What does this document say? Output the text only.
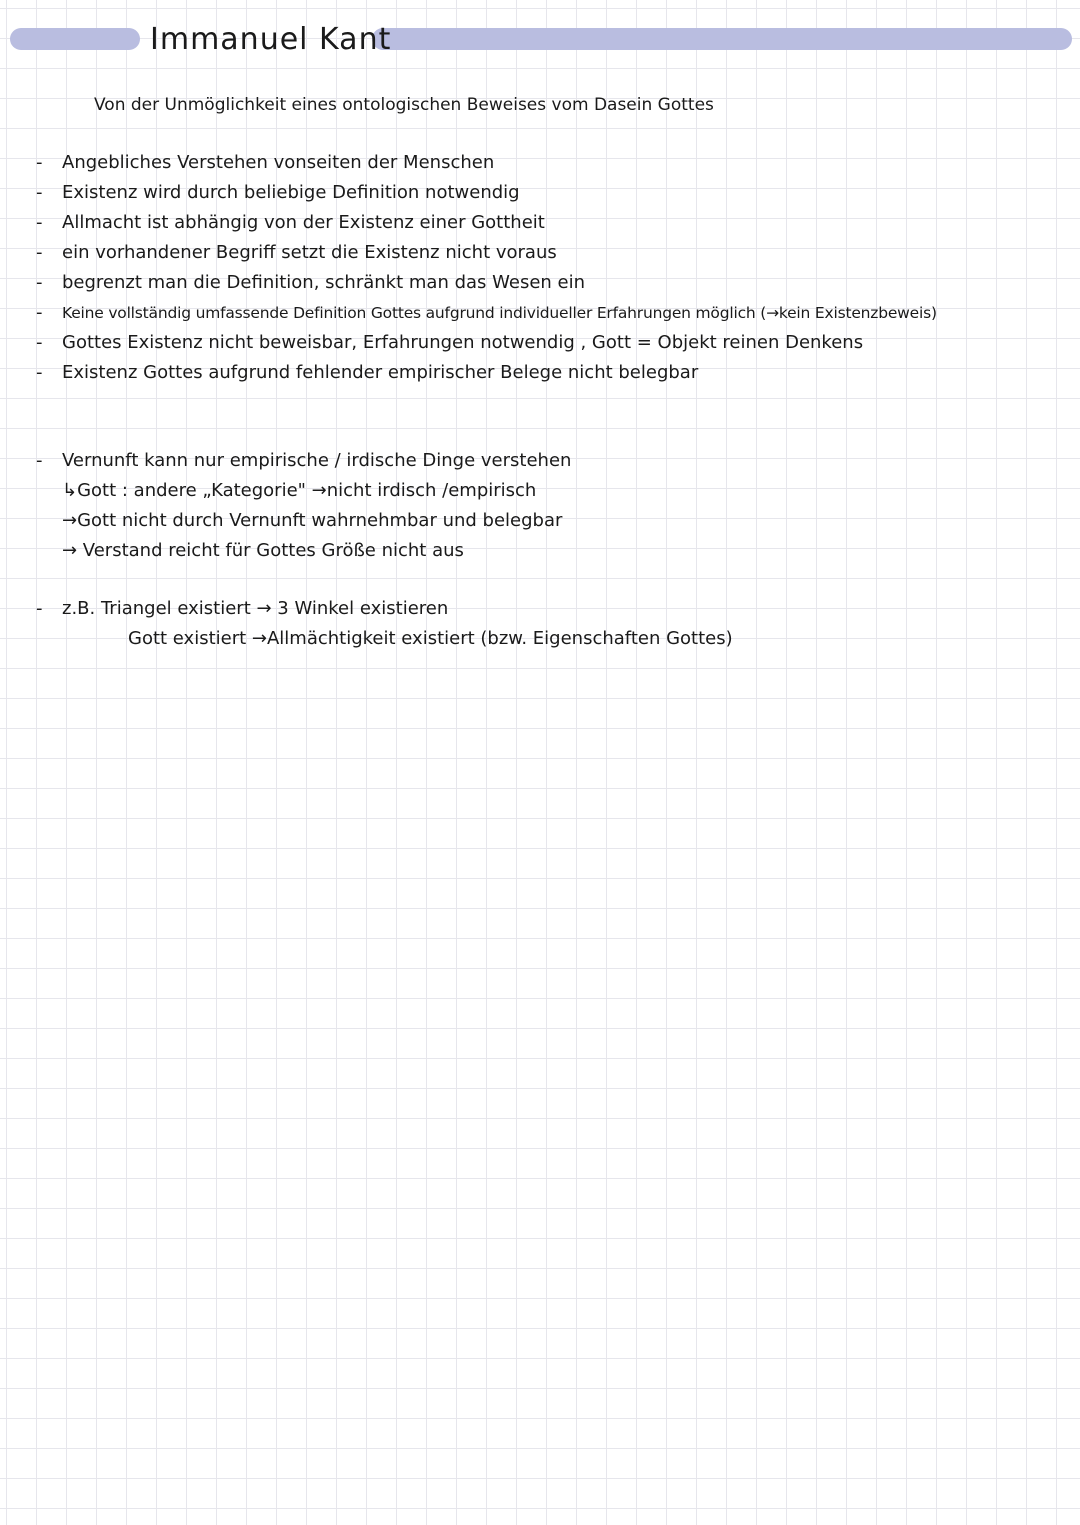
Immanuel Kant
Von der Unmöglichkeit eines ontologischen Beweises vom Dasein Gottes
- Angebliches Verstehen vonseiten der Menschen
- Existenz wird durch beliebige Definition notwendig
- Allmacht ist abhängig von der Existenz einer Gottheit
- ein vorhandener Begriff setzt die Existenz nicht voraus
- begrenzt man die Definition, schränkt man das Wesen ein
- Keine vollständig umfassende Definition Gottes aufgrund individueller Erfahrungen möglich (→kein Existenzbeweis)
- Gottes Existenz nicht beweisbar, Erfahrungen notwendig , Gott = Objekt reinen Denkens
- Existenz Gottes aufgrund fehlender empirischer Belege nicht belegbar
- Vernunft kann nur empirische / irdische Dinge verstehen
↳Gott : andere „Kategorie" →nicht irdisch /empirisch
→Gott nicht durch Vernunft wahrnehmbar und belegbar
→ Verstand reicht für Gottes Größe nicht aus
- z.B. Triangel existiert → 3 Winkel existieren
Gott existiert →Allmächtigkeit existiert (bzw. Eigenschaften Gottes)
